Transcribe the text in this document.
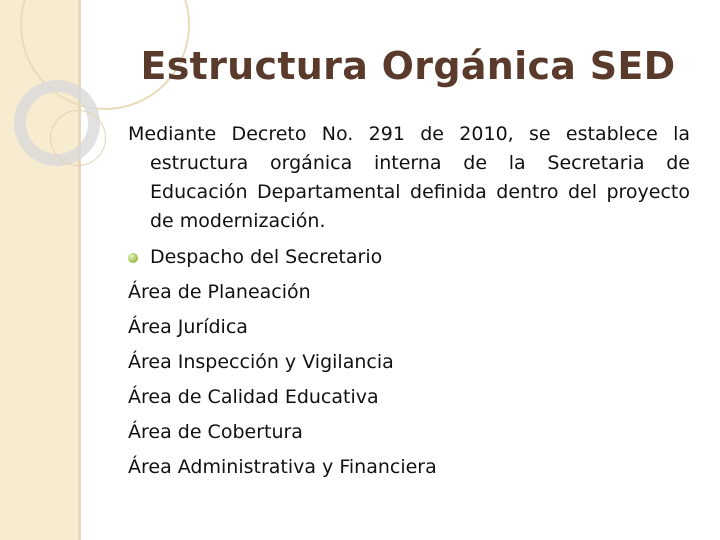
Estructura Orgánica SED

Mediante Decreto No. 291 de 2010, se establece la estructura orgánica interna de la Secretaria de Educación Departamental definida dentro del proyecto de modernización.

Despacho del Secretario
Área de Planeación
Área Jurídica
Área Inspección y Vigilancia
Área de Calidad Educativa
Área de Cobertura
Área Administrativa y Financiera
